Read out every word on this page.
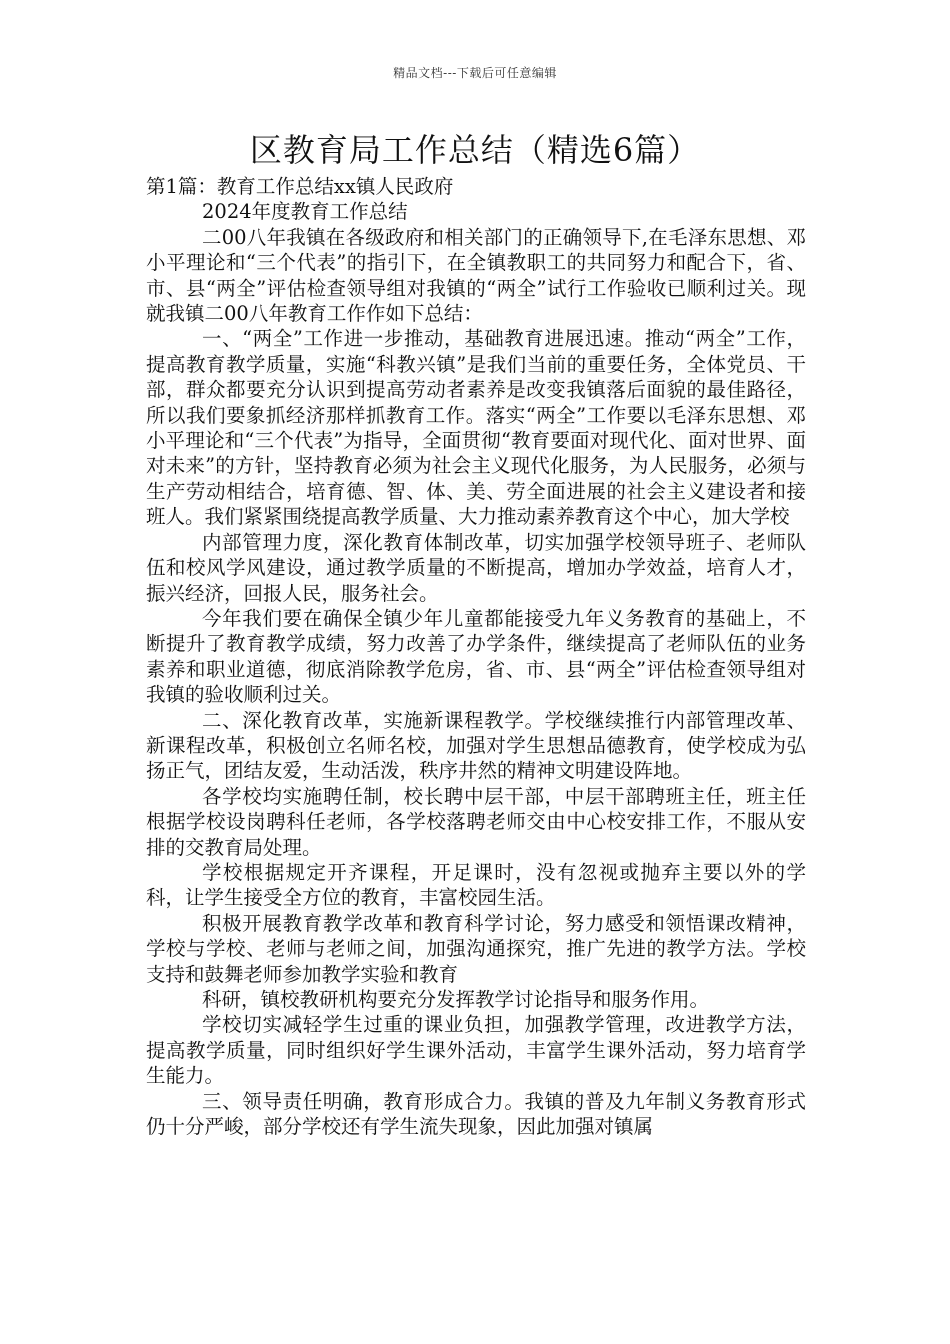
精品文档---下载后可任意编辑
区教育局工作总结（精选6篇）

第1篇：教育工作总结xx镇人民政府

2024年度教育工作总结

二00八年我镇在各级政府和相关部门的正确领导下,在毛泽东思想、邓小平理论和“三个代表”的指引下，在全镇教职工的共同努力和配合下，省、市、县“两全”评估检查领导组对我镇的“两全”试行工作验收已顺利过关。现就我镇二00八年教育工作作如下总结：

一、“两全”工作进一步推动，基础教育进展迅速。推动“两全”工作，提高教育教学质量，实施“科教兴镇”是我们当前的重要任务，全体党员、干部，群众都要充分认识到提高劳动者素养是改变我镇落后面貌的最佳路径，所以我们要象抓经济那样抓教育工作。落实“两全”工作要以毛泽东思想、邓小平理论和“三个代表”为指导，全面贯彻“教育要面对现代化、面对世界、面对未来”的方针，坚持教育必须为社会主义现代化服务，为人民服务，必须与生产劳动相结合，培育德、智、体、美、劳全面进展的社会主义建设者和接班人。我们紧紧围绕提高教学质量、大力推动素养教育这个中心，加大学校

内部管理力度，深化教育体制改革，切实加强学校领导班子、老师队伍和校风学风建设，通过教学质量的不断提高，增加办学效益，培育人才，振兴经济，回报人民，服务社会。

今年我们要在确保全镇少年儿童都能接受九年义务教育的基础上，不断提升了教育教学成绩，努力改善了办学条件，继续提高了老师队伍的业务素养和职业道德，彻底消除教学危房，省、市、县“两全”评估检查领导组对我镇的验收顺利过关。

二、深化教育改革，实施新课程教学。学校继续推行内部管理改革、新课程改革，积极创立名师名校，加强对学生思想品德教育，使学校成为弘扬正气，团结友爱，生动活泼，秩序井然的精神文明建设阵地。

各学校均实施聘任制，校长聘中层干部，中层干部聘班主任，班主任根据学校设岗聘科任老师，各学校落聘老师交由中心校安排工作，不服从安排的交教育局处理。

学校根据规定开齐课程，开足课时，没有忽视或抛弃主要以外的学科，让学生接受全方位的教育，丰富校园生活。

积极开展教育教学改革和教育科学讨论，努力感受和领悟课改精神，学校与学校、老师与老师之间，加强沟通探究，推广先进的教学方法。学校支持和鼓舞老师参加教学实验和教育

科研，镇校教研机构要充分发挥教学讨论指导和服务作用。

学校切实减轻学生过重的课业负担，加强教学管理，改进教学方法，提高教学质量，同时组织好学生课外活动，丰富学生课外活动，努力培育学生能力。

三、领导责任明确，教育形成合力。我镇的普及九年制义务教育形式仍十分严峻，部分学校还有学生流失现象，因此加强对镇属
